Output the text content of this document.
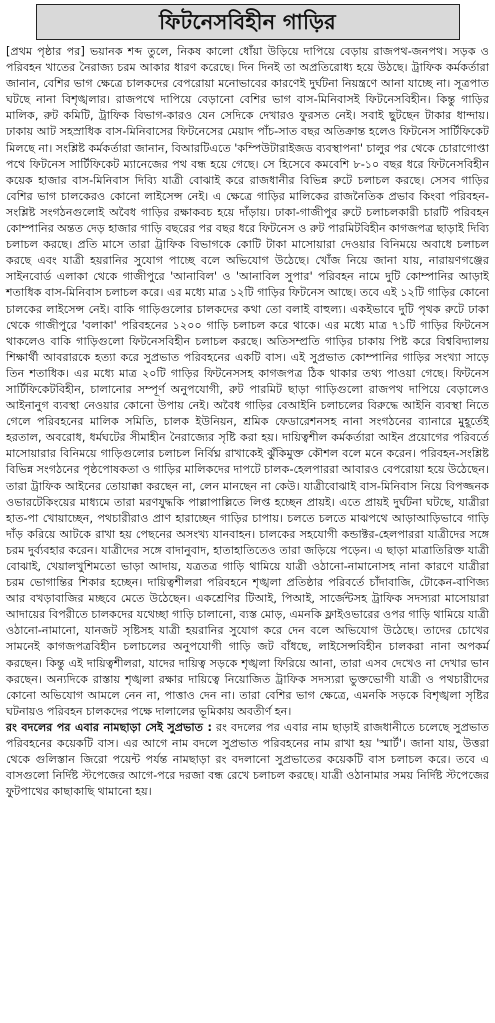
ফিটনেসবিহীন গাড়ির

[প্রথম পৃষ্ঠার পর] ভয়ানক শব্দ তুলে, নিকষ কালো ধোঁয়া উড়িয়ে দাপিয়ে বেড়ায় রাজপথ-জনপথ। সড়ক ও পরিবহন খাতের নৈরাজ্য চরম আকার ধারণ করেছে। দিন দিনই তা অপ্রতিরোধ্য হয়ে উঠছে। ট্রাফিক কর্মকর্তারা জানান, বেশির ভাগ ক্ষেত্রে চালকদের বেপরোয়া মনোভাবের কারণেই দুর্ঘটনা নিয়ন্ত্রণে আনা যাচ্ছে না। সূত্রপাত ঘটছে নানা বিশৃঙ্খলার। রাজপথে দাপিয়ে বেড়ানো বেশির ভাগ বাস-মিনিবাসই ফিটনেসবিহীন। কিন্তু গাড়ির মালিক, রুট কমিটি, ট্রাফিক বিভাগ-কারও যেন সেদিকে দেখারও ফুরসত নেই। সবাই ছুটছেন টাকার ধান্দায়। ঢাকায় আট সহস্রাধিক বাস-মিনিবাসের ফিটনেসের মেয়াদ পাঁচ-সাত বছর অতিক্রান্ত হলেও ফিটনেস সার্টিফিকেট মিলছে না। সংশ্লিষ্ট কর্মকর্তারা জানান, বিআরটিএতে 'কম্পিউটারাইজড ব্যবস্থাপনা' চালুর পর থেকে চোরাগোপ্তা পথে ফিটনেস সার্টিফিকেট ম্যানেজের পথ বন্ধ হয়ে গেছে। সে হিসেবে কমবেশি ৮-১০ বছর ধরে ফিটনেসবিহীন কয়েক হাজার বাস-মিনিবাস দিব্যি যাত্রী বোঝাই করে রাজধানীর বিভিন্ন রুটে চলাচল করছে। সেসব গাড়ির বেশির ভাগ চালকেরও কোনো লাইসেন্স নেই। এ ক্ষেত্রে গাড়ির মালিকের রাজনৈতিক প্রভাব কিংবা পরিবহন-সংশ্লিষ্ট সংগঠনগুলোই অবৈধ গাড়ির রক্ষাকবচ হয়ে দাঁড়ায়। ঢাকা-গাজীপুর রুটে চলাচলকারী চারটি পরিবহন কোম্পানির অন্তত দেড় হাজার গাড়ি বছরের পর বছর ধরে ফিটনেস ও রুট পারমিটবিহীন কাগজপত্র ছাড়াই দিব্যি চলাচল করছে। প্রতি মাসে তারা ট্রাফিক বিভাগকে কোটি টাকা মাসোয়ারা দেওয়ার বিনিময়ে অবাধে চলাচল করছে এবং যাত্রী হয়রানির সুযোগ পাচ্ছে বলে অভিযোগ উঠেছে। খোঁজ নিয়ে জানা যায়, নারায়ণগঞ্জের সাইনবোর্ড এলাকা থেকে গাজীপুরে 'আনাবিল' ও 'আনাবিল সুপার' পরিবহন নামে দুটি কোম্পানির আড়াই শতাধিক বাস-মিনিবাস চলাচল করে। এর মধ্যে মাত্র ১২টি গাড়ির ফিটনেস আছে। তবে এই ১২টি গাড়ির কোনো চালকের লাইসেন্স নেই। বাকি গাড়িগুলোর চালকদের কথা তো বলাই বাহুল্য। একইভাবে দুটি পৃথক রুটে ঢাকা থেকে গাজীপুরে 'বলাকা' পরিবহনের ১২০০ গাড়ি চলাচল করে থাকে। এর মধ্যে মাত্র ৭১টি গাড়ির ফিটনেস থাকলেও বাকি গাড়িগুলো ফিটনেসবিহীন চলাচল করছে। অতিসম্প্রতি গাড়ির চাকায় পিষ্ট করে বিশ্ববিদ্যালয় শিক্ষার্থী আবরারকে হত্যা করে সুপ্রভাত পরিবহনের একটি বাস। এই সুপ্রভাত কোম্পানির গাড়ির সংখ্যা সাড়ে তিন শতাধিক। এর মধ্যে মাত্র ২০টি গাড়ির ফিটনেসসহ কাগজপত্র ঠিক থাকার তথ্য পাওয়া গেছে। ফিটনেস সার্টিফিকেটবিহীন, চালানোর সম্পূর্ণ অনুপযোগী, রুট পারমিট ছাড়া গাড়িগুলো রাজপথ দাপিয়ে বেড়ালেও আইনানুগ ব্যবস্থা নেওয়ার কোনো উপায় নেই। অবৈধ গাড়ির বেআইনি চলাচলের বিরুদ্ধে আইনি ব্যবস্থা নিতে গেলে পরিবহনের মালিক সমিতি, চালক ইউনিয়ন, শ্রমিক ফেডারেশনসহ নানা সংগঠনের ব্যানারে মুহূর্তেই হরতাল, অবরোধ, ধর্মঘটের সীমাহীন নৈরাজ্যের সৃষ্টি করা হয়। দায়িত্বশীল কর্মকর্তারা আইন প্রয়োগের পরিবর্তে মাসোয়ারার বিনিময়ে গাড়িগুলোর চলাচল নির্বিঘ্ন রাখাকেই ঝুঁকিমুক্ত কৌশল বলে মনে করেন। পরিবহন-সংশ্লিষ্ট বিভিন্ন সংগঠনের পৃষ্ঠপোষকতা ও গাড়ির মালিকদের দাপটে চালক-হেলপাররা আবারও বেপরোয়া হয়ে উঠেছেন। তারা ট্রাফিক আইনের তোয়াক্কা করছেন না, লেন মানছেন না কেউ। যাত্রীবোঝাই বাস-মিনিবাস নিয়ে বিপজ্জনক ওভারটেকিংয়ের মাধ্যমে তারা মরণযুদ্ধকি পাল্লাপাল্লিতে লিপ্ত হচ্ছেন প্রায়ই। এতে প্রায়ই দুর্ঘটনা ঘটছে, যাত্রীরা হাত-পা খোয়াচ্ছেন, পথচারীরাও প্রাণ হারাচ্ছেন গাড়ির চাপায়। চলতে চলতে মাঝপথে আড়াআড়িভাবে গাড়ি দাঁড় করিয়ে আটকে রাখা হয় পেছনের অসংখ্য যানবাহন। চালকের সহযোগী কন্ডাক্টর-হেলপাররা যাত্রীদের সঙ্গে চরম দুর্ব্যবহার করেন। যাত্রীদের সঙ্গে বাদানুবাদ, হাতাহাতিতেও তারা জড়িয়ে পড়েন। এ ছাড়া মাত্রাতিরিক্ত যাত্রী বোঝাই, খেয়ালখুশিমতো ভাড়া আদায়, যত্রতত্র গাড়ি থামিয়ে যাত্রী ওঠানো-নামানোসহ নানা কারণে যাত্রীরা চরম ভোগান্তির শিকার হচ্ছেন। দায়িত্বশীলরা পরিবহনে শৃঙ্খলা প্রতিষ্ঠার পরিবর্তে চাঁদাবাজি, টোকেন-বাণিজ্য আর বখড়াবাজির মচ্ছবে মেতে উঠেছেন। একশ্রেণির টিআই, পিআই, সার্জেন্টসহ ট্রাফিক সদস্যরা মাসোয়ারা আদায়ের বিপরীতে চালকদের যথেচ্ছা গাড়ি চালানো, ব্যস্ত মোড়, এমনকি ফ্লাইওভারের ওপর গাড়ি থামিয়ে যাত্রী ওঠানো-নামানো, যানজট সৃষ্টিসহ যাত্রী হয়রানির সুযোগ করে দেন বলে অভিযোগ উঠেছে। তাদের চোখের সামনেই কাগজপত্রবিহীন চলাচলের অনুপযোগী গাড়ি জট বাঁধছে, লাইসেন্সবিহীন চালকরা নানা অপকর্ম করছেন। কিন্তু এই দায়িত্বশীলরা, যাদের দায়িত্ব সড়কে শৃঙ্খলা ফিরিয়ে আনা, তারা এসব দেখেও না দেখার ভান করছেন। অন্যদিকে রাস্তায় শৃঙ্খলা রক্ষার দায়িত্বে নিয়োজিত ট্রাফিক সদস্যরা ভুক্তভোগী যাত্রী ও পথচারীদের কোনো অভিযোগ আমলে নেন না, পাত্তাও দেন না। তারা বেশির ভাগ ক্ষেত্রে, এমনকি সড়কে বিশৃঙ্খলা সৃষ্টির ঘটনায়ও পরিবহন চালকদের পক্ষে দালালের ভূমিকায় অবতীর্ণ হন।

রং বদলের পর এবার নামছাড়া সেই সুপ্রভাত : রং বদলের পর এবার নাম ছাড়াই রাজধানীতে চলেছে সুপ্রভাত পরিবহনের কয়েকটি বাস। এর আগে নাম বদলে সুপ্রভাত পরিবহনের নাম রাখা হয় 'স্মার্ট'। জানা যায়, উত্তরা থেকে গুলিস্তান জিরো পয়েন্ট পর্যন্ত নামছাড়া রং বদলানো সুপ্রভাতের কয়েকটি বাস চলাচল করে। তবে এ বাসগুলো নির্দিষ্ট স্টপেজের আগে-পরে দরজা বন্ধ রেখে চলাচল করছে। যাত্রী ওঠানামার সময় নির্দিষ্ট স্টপেজের ফুটপাথের কাছাকাছি থামানো হয়।
